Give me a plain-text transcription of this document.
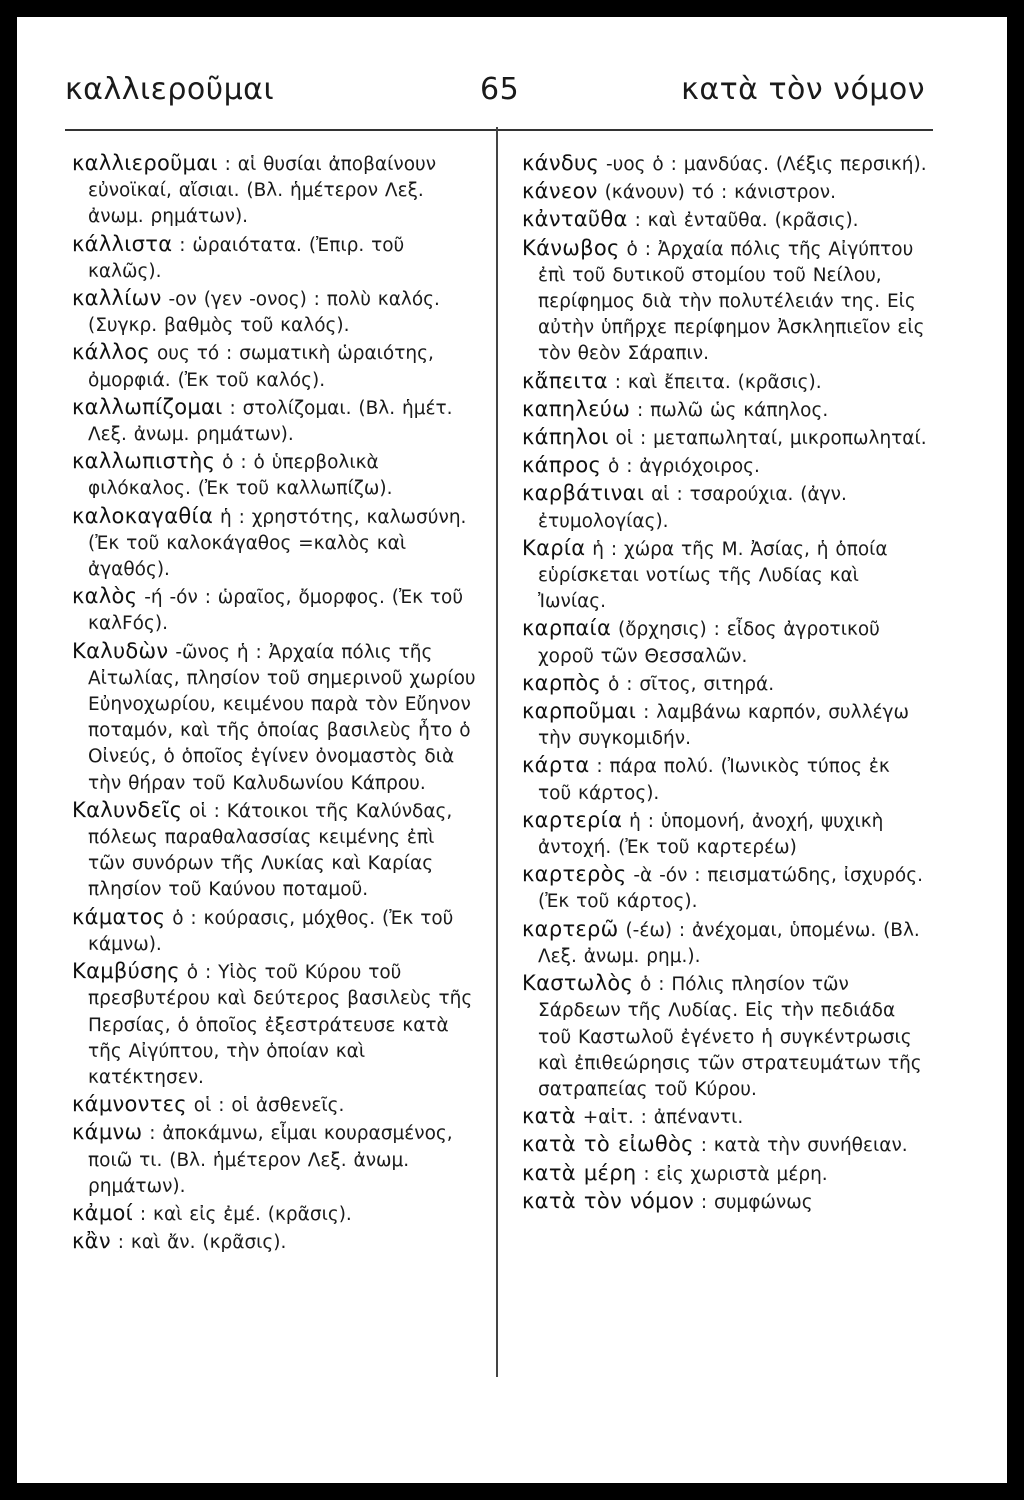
καλλιεροῦμαι	65	κατὰ τὸν νόμον

καλλιεροῦμαι : αἱ θυσίαι ἀποβαίνουν εὐνοϊκαί, αἴσιαι. (Βλ. ἡμέτερον Λεξ. ἀνωμ. ρημάτων).

κάλλιστα : ὡραιότατα. (Ἐπιρ. τοῦ καλῶς).

καλλίων -ον (γεν -ονος) : πολὺ καλός. (Συγκρ. βαθμὸς τοῦ καλός).

κάλλος ους τό : σωματικὴ ὡραιότης, ὀμορφιά. (Ἐκ τοῦ καλός).

καλλωπίζομαι : στολίζομαι. (Βλ. ἡμέτ. Λεξ. ἀνωμ. ρημάτων).

καλλωπιστὴς ὁ : ὁ ὑπερβολικὰ φιλόκαλος. (Ἐκ τοῦ καλλωπίζω).

καλοκαγαθία ἡ : χρηστότης, καλωσύνη. (Ἐκ τοῦ καλοκάγαθος =καλὸς καὶ ἀγαθός).

καλὸς -ή -όν : ὡραῖος, ὄμορφος. (Ἐκ τοῦ καλϜός).

Καλυδὼν -ῶνος ἡ : Ἀρχαία πόλις τῆς Αἰτωλίας, πλησίον τοῦ σημερινοῦ χωρίου Εὐηνοχωρίου, κειμένου παρὰ τὸν Εὔηνον ποταμόν, καὶ τῆς ὁποίας βασιλεὺς ἦτο ὁ Οἰνεύς, ὁ ὁποῖος ἐγίνεν ὀνομαστὸς διὰ τὴν θήραν τοῦ Καλυδωνίου Κάπρου.

Καλυνδεῖς οἱ : Κάτοικοι τῆς Καλύνδας, πόλεως παραθαλασσίας κειμένης ἐπὶ τῶν συνόρων τῆς Λυκίας καὶ Καρίας πλησίον τοῦ Καύνου ποταμοῦ.

κάματος ὁ : κούρασις, μόχθος. (Ἐκ τοῦ κάμνω).

Καμβύσης ὁ : Υἱὸς τοῦ Κύρου τοῦ πρεσβυτέρου καὶ δεύτερος βασιλεὺς τῆς Περσίας, ὁ ὁποῖος ἐξεστράτευσε κατὰ τῆς Αἰγύπτου, τὴν ὁποίαν καὶ κατέκτησεν.

κάμνοντες οἱ : οἱ ἀσθενεῖς.

κάμνω : ἀποκάμνω, εἶμαι κουρασμένος, ποιῶ τι. (Βλ. ἡμέτερον Λεξ. ἀνωμ. ρημάτων).

κἀμοί : καὶ εἰς ἐμέ. (κρᾶσις).

κἂν : καὶ ἄν. (κρᾶσις).

κάνδυς -υος ὁ : μανδύας. (Λέξις περσική).

κάνεον (κάνουν) τό : κάνιστρον.

κἀνταῦθα : καὶ ἐνταῦθα. (κρᾶσις).

Κάνωβος ὁ : Ἀρχαία πόλις τῆς Αἰγύπτου ἐπὶ τοῦ δυτικοῦ στομίου τοῦ Νείλου, περίφημος διὰ τὴν πολυτέλειάν της. Εἰς αὐτὴν ὑπῆρχε περίφημον Ἀσκληπιεῖον εἰς τὸν θεὸν Σάραπιν.

κἄπειτα : καὶ ἔπειτα. (κρᾶσις).

καπηλεύω : πωλῶ ὡς κάπηλος.

κάπηλοι οἱ : μεταπωληταί, μικροπωληταί.

κάπρος ὁ : ἀγριόχοιρος.

καρβάτιναι αἱ : τσαρούχια. (ἀγν. ἐτυμολογίας).

Καρία ἡ : χώρα τῆς Μ. Ἀσίας, ἡ ὁποία εὑρίσκεται νοτίως τῆς Λυδίας καὶ Ἰωνίας.

καρπαία (ὄρχησις) : εἶδος ἀγροτικοῦ χοροῦ τῶν Θεσσαλῶν.

καρπὸς ὁ : σῖτος, σιτηρά.

καρποῦμαι : λαμβάνω καρπόν, συλλέγω τὴν συγκομιδήν.

κάρτα : πάρα πολύ. (Ἰωνικὸς τύπος ἐκ τοῦ κάρτος).

καρτερία ἡ : ὑπομονή, ἀνοχή, ψυχικὴ ἀντοχή. (Ἐκ τοῦ καρτερέω)

καρτερὸς -ὰ -όν : πεισματώδης, ἰσχυρός. (Ἐκ τοῦ κάρτος).

καρτερῶ (-έω) : ἀνέχομαι, ὑπομένω. (Βλ. Λεξ. ἀνωμ. ρημ.).

Καστωλὸς ὁ : Πόλις πλησίον τῶν Σάρδεων τῆς Λυδίας. Εἰς τὴν πεδιάδα τοῦ Καστωλοῦ ἐγένετο ἡ συγκέντρωσις καὶ ἐπιθεώρησις τῶν στρατευμάτων τῆς σατραπείας τοῦ Κύρου.

κατὰ +αἰτ. : ἀπέναντι.

κατὰ τὸ εἰωθὸς : κατὰ τὴν συνήθειαν.

κατὰ μέρη : εἰς χωριστὰ μέρη.

κατὰ τὸν νόμον : συμφώνως
